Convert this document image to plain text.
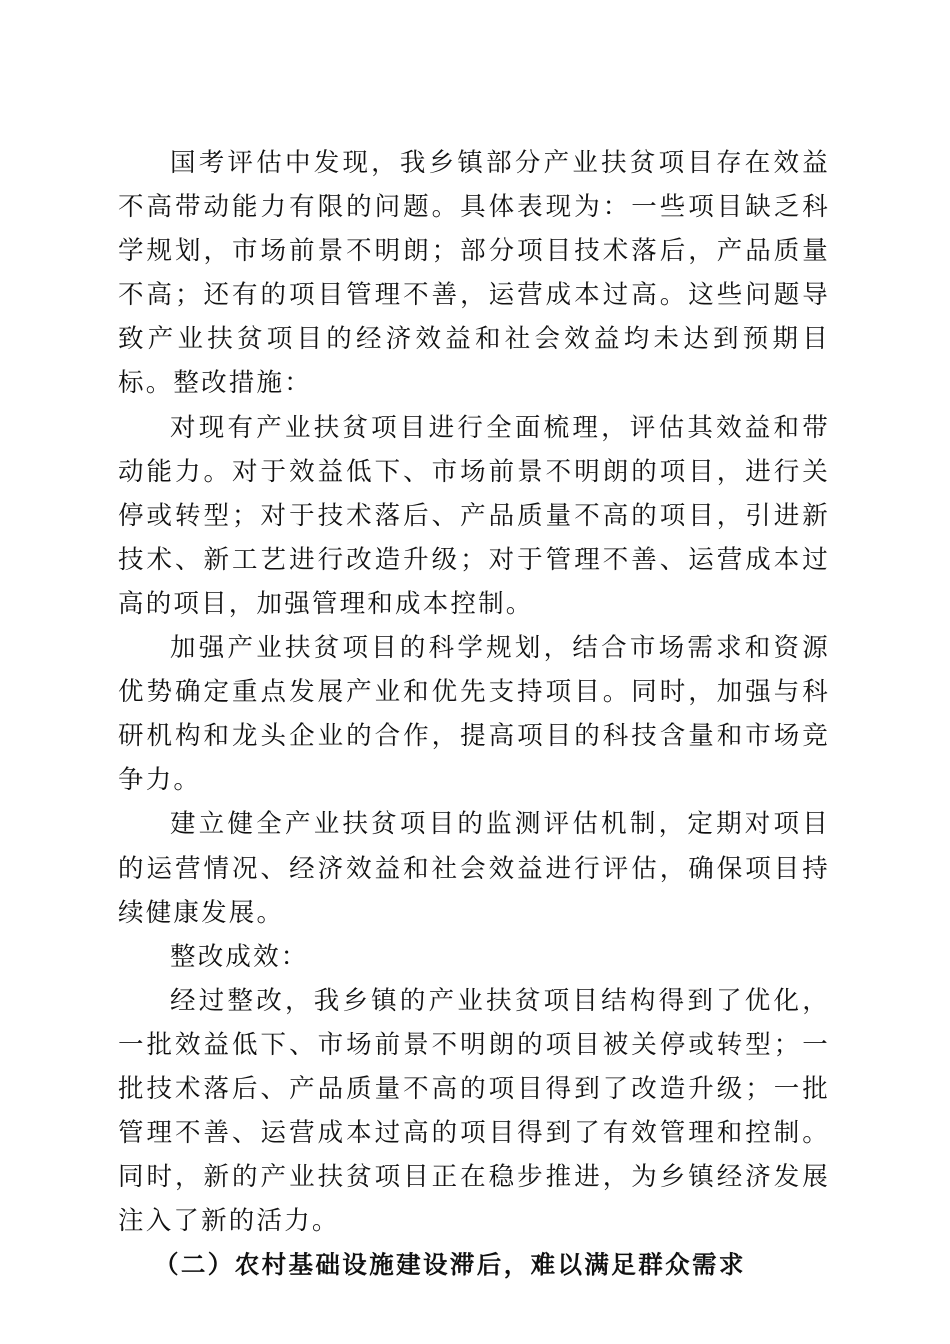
国考评估中发现，我乡镇部分产业扶贫项目存在效益不高带动能力有限的问题。具体表现为：一些项目缺乏科学规划，市场前景不明朗；部分项目技术落后，产品质量不高；还有的项目管理不善，运营成本过高。这些问题导致产业扶贫项目的经济效益和社会效益均未达到预期目标。整改措施：

对现有产业扶贫项目进行全面梳理，评估其效益和带动能力。对于效益低下、市场前景不明朗的项目，进行关停或转型；对于技术落后、产品质量不高的项目，引进新技术、新工艺进行改造升级；对于管理不善、运营成本过高的项目，加强管理和成本控制。

加强产业扶贫项目的科学规划，结合市场需求和资源优势确定重点发展产业和优先支持项目。同时，加强与科研机构和龙头企业的合作，提高项目的科技含量和市场竞争力。

建立健全产业扶贫项目的监测评估机制，定期对项目的运营情况、经济效益和社会效益进行评估，确保项目持续健康发展。

整改成效：

经过整改，我乡镇的产业扶贫项目结构得到了优化，一批效益低下、市场前景不明朗的项目被关停或转型；一批技术落后、产品质量不高的项目得到了改造升级；一批管理不善、运营成本过高的项目得到了有效管理和控制。同时，新的产业扶贫项目正在稳步推进，为乡镇经济发展注入了新的活力。

（二）农村基础设施建设滞后，难以满足群众需求
